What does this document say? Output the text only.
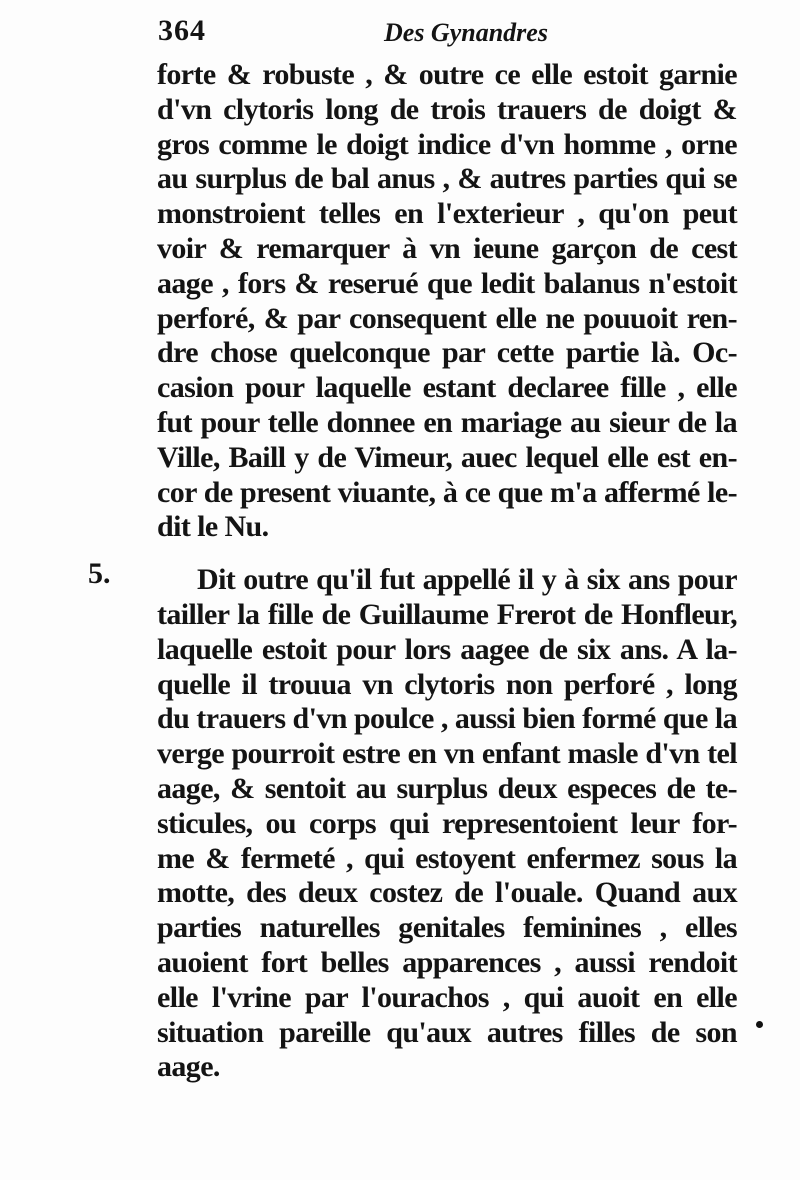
364	Des Gynandres
5.
forte & robuste , & outre ce elle estoit garnie
d'vn clytoris long de trois trauers de doigt &
gros comme le doigt indice d'vn homme , orne
au surplus de bal anus , & autres parties qui se
monstroient telles en l'exterieur , qu'on peut
voir & remarquer à vn ieune garçon de cest
aage , fors & reserué que ledit balanus n'estoit
perforé, & par consequent elle ne pouuoit ren-
dre chose quelconque par cette partie là. Oc-
casion pour laquelle estant declaree fille , elle
fut pour telle donnee en mariage au sieur de la
Ville, Baill y de Vimeur, auec lequel elle est en-
cor de present viuante, à ce que m'a affermé le-
dit le Nu.
Dit outre qu'il fut appellé il y à six ans pour
tailler la fille de Guillaume Frerot de Honfleur,
laquelle estoit pour lors aagee de six ans. A la-
quelle il trouua vn clytoris non perforé , long
du trauers d'vn poulce , aussi bien formé que la
verge pourroit estre en vn enfant masle d'vn tel
aage, & sentoit au surplus deux especes de te-
sticules, ou corps qui representoient leur for-
me & fermeté , qui estoyent enfermez sous la
motte, des deux costez de l'ouale. Quand aux
parties naturelles genitales feminines , elles
auoient fort belles apparences , aussi rendoit
elle l'vrine par l'ourachos , qui auoit en elle
situation pareille qu'aux autres filles de son
aage.
